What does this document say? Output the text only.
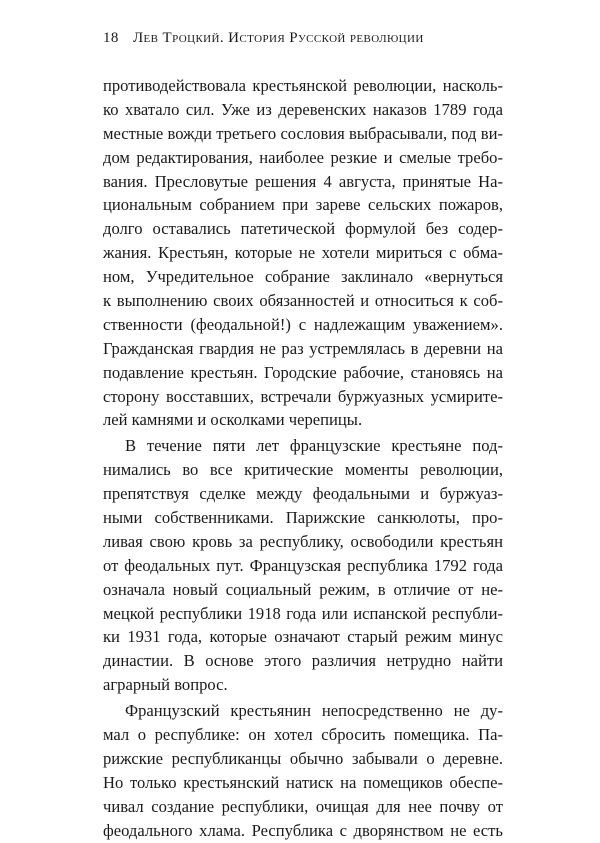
18 Лев Троцкий. История Русской революции
противодействовала крестьянской революции, насколь-
ко хватало сил. Уже из деревенских наказов 1789 года
местные вожди третьего сословия выбрасывали, под ви-
дом редактирования, наиболее резкие и смелые требо-
вания. Пресловутые решения 4 августа, принятые На-
циональным собранием при зареве сельских пожаров,
долго оставались патетической формулой без содер-
жания. Крестьян, которые не хотели мириться с обма-
ном, Учредительное собрание заклинало «вернуться
к выполнению своих обязанностей и относиться к соб-
ственности (феодальной!) с надлежащим уважением».
Гражданская гвардия не раз устремлялась в деревни на
подавление крестьян. Городские рабочие, становясь на
сторону восставших, встречали буржуазных усмирите-
лей камнями и осколками черепицы.
В течение пяти лет французские крестьяне под-
нимались во все критические моменты революции,
препятствуя сделке между феодальными и буржуаз-
ными собственниками. Парижские санкюлоты, про-
ливая свою кровь за республику, освободили крестьян
от феодальных пут. Французская республика 1792 года
означала новый социальный режим, в отличие от не-
мецкой республики 1918 года или испанской республи-
ки 1931 года, которые означают старый режим минус
династии. В основе этого различия нетрудно найти
аграрный вопрос.
Французский крестьянин непосредственно не ду-
мал о республике: он хотел сбросить помещика. Па-
рижские республиканцы обычно забывали о деревне.
Но только крестьянский натиск на помещиков обеспе-
чивал создание республики, очищая для нее почву от
феодального хлама. Республика с дворянством не есть
